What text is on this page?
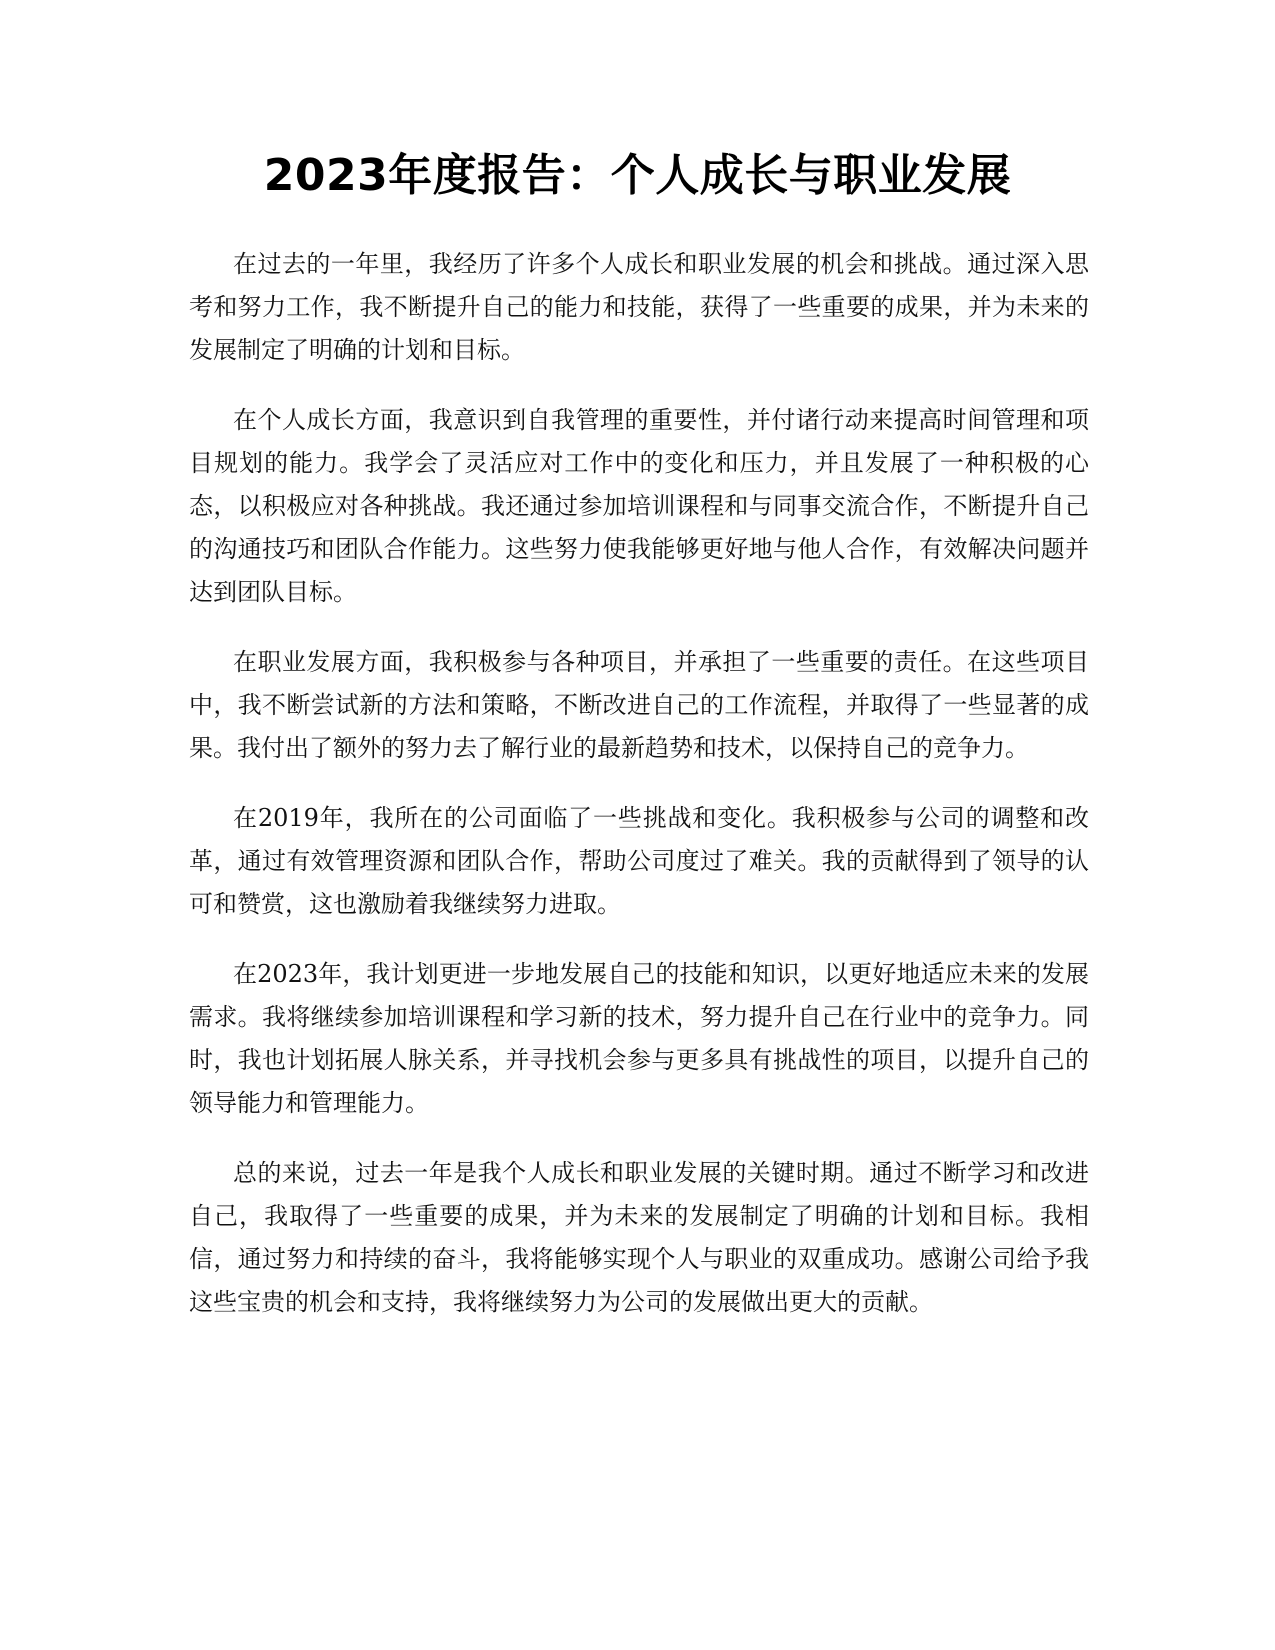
2023年度报告：个人成长与职业发展

在过去的一年里，我经历了许多个人成长和职业发展的机会和挑战。通过深入思考和努力工作，我不断提升自己的能力和技能，获得了一些重要的成果，并为未来的发展制定了明确的计划和目标。

在个人成长方面，我意识到自我管理的重要性，并付诸行动来提高时间管理和项目规划的能力。我学会了灵活应对工作中的变化和压力，并且发展了一种积极的心态，以积极应对各种挑战。我还通过参加培训课程和与同事交流合作，不断提升自己的沟通技巧和团队合作能力。这些努力使我能够更好地与他人合作，有效解决问题并达到团队目标。

在职业发展方面，我积极参与各种项目，并承担了一些重要的责任。在这些项目中，我不断尝试新的方法和策略，不断改进自己的工作流程，并取得了一些显著的成果。我付出了额外的努力去了解行业的最新趋势和技术，以保持自己的竞争力。

在2019年，我所在的公司面临了一些挑战和变化。我积极参与公司的调整和改革，通过有效管理资源和团队合作，帮助公司度过了难关。我的贡献得到了领导的认可和赞赏，这也激励着我继续努力进取。

在2023年，我计划更进一步地发展自己的技能和知识，以更好地适应未来的发展需求。我将继续参加培训课程和学习新的技术，努力提升自己在行业中的竞争力。同时，我也计划拓展人脉关系，并寻找机会参与更多具有挑战性的项目，以提升自己的领导能力和管理能力。

总的来说，过去一年是我个人成长和职业发展的关键时期。通过不断学习和改进自己，我取得了一些重要的成果，并为未来的发展制定了明确的计划和目标。我相信，通过努力和持续的奋斗，我将能够实现个人与职业的双重成功。感谢公司给予我这些宝贵的机会和支持，我将继续努力为公司的发展做出更大的贡献。
